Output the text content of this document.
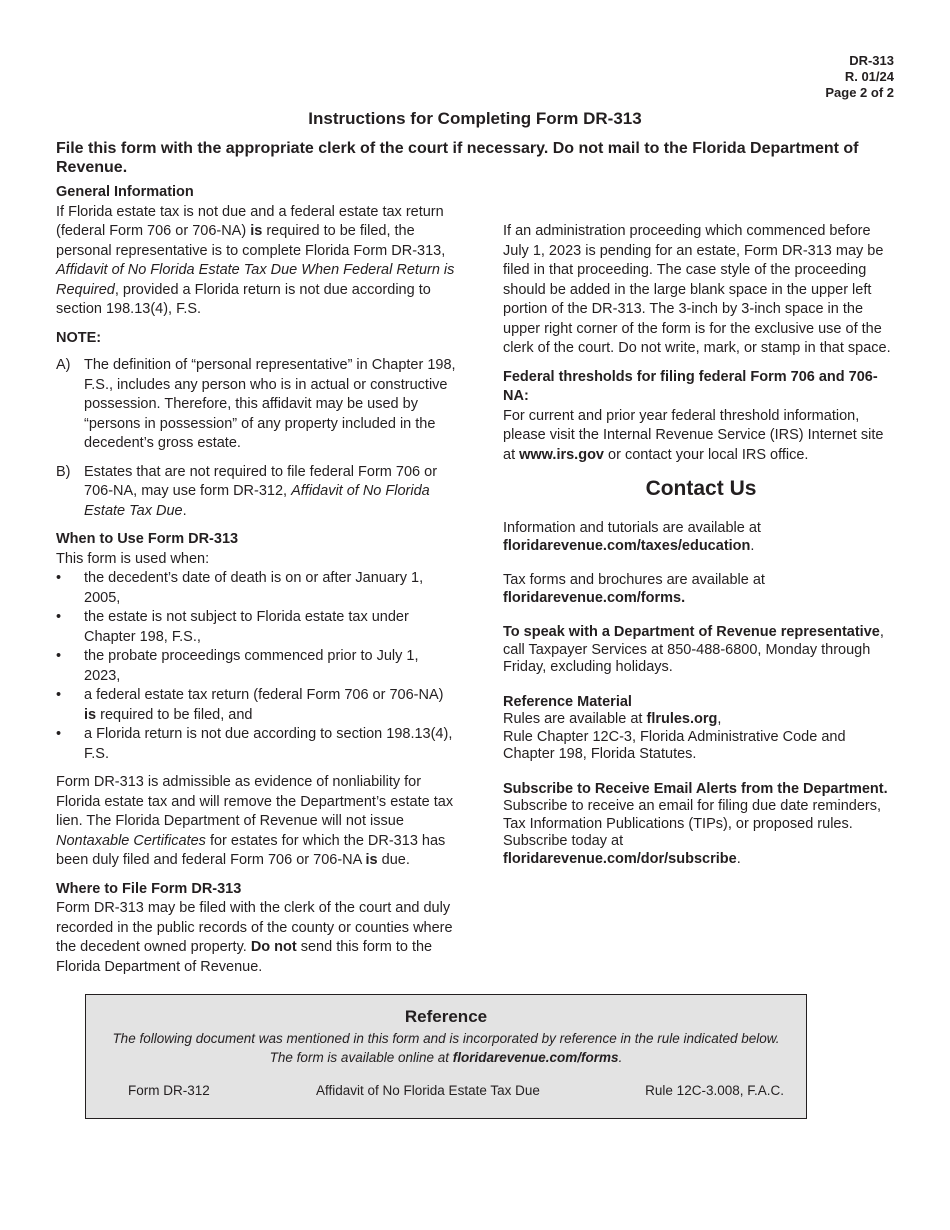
DR-313
R. 01/24
Page 2 of 2
Instructions for Completing Form DR-313
File this form with the appropriate clerk of the court if necessary. Do not mail to the Florida Department of Revenue.

General Information
If Florida estate tax is not due and a federal estate tax return (federal Form 706 or 706-NA) is required to be filed, the personal representative is to complete Florida Form DR-313, Affidavit of No Florida Estate Tax Due When Federal Return is Required, provided a Florida return is not due according to section 198.13(4), F.S.

NOTE:
A) The definition of “personal representative” in Chapter 198, F.S., includes any person who is in actual or constructive possession. Therefore, this affidavit may be used by “persons in possession” of any property included in the decedent’s gross estate.
B) Estates that are not required to file federal Form 706 or 706-NA, may use form DR-312, Affidavit of No Florida Estate Tax Due.
When to Use Form DR-313
This form is used when:
•	the decedent’s date of death is on or after January 1, 2005,
•	the estate is not subject to Florida estate tax under Chapter 198, F.S.,
•	the probate proceedings commenced prior to July 1, 2023,
•	a federal estate tax return (federal Form 706 or 706-NA) is required to be filed, and
•	a Florida return is not due according to section 198.13(4), F.S.

Form DR-313 is admissible as evidence of nonliability for Florida estate tax and will remove the Department’s estate tax lien. The Florida Department of Revenue will not issue Nontaxable Certificates for estates for which the DR-313 has been duly filed and federal Form 706 or 706-NA is due.

Where to File Form DR-313
Form DR-313 may be filed with the clerk of the court and duly recorded in the public records of the county or counties where the decedent owned property. Do not send this form to the Florida Department of Revenue.

If an administration proceeding which commenced before July 1, 2023 is pending for an estate, Form DR-313 may be filed in that proceeding. The case style of the proceeding should be added in the large blank space in the upper left portion of the DR-313. The 3-inch by 3-inch space in the upper right corner of the form is for the exclusive use of the clerk of the court. Do not write, mark, or stamp in that space.

Federal thresholds for filing federal Form 706 and 706-NA:
For current and prior year federal threshold information, please visit the Internal Revenue Service (IRS) Internet site at www.irs.gov or contact your local IRS office.

Contact Us
Information and tutorials are available at
floridarevenue.com/taxes/education.
Tax forms and brochures are available at
floridarevenue.com/forms.
To speak with a Department of Revenue representative, call Taxpayer Services at 850-488-6800, Monday through Friday, excluding holidays.
Reference Material
Rules are available at flrules.org,
Rule Chapter 12C-3, Florida Administrative Code and Chapter 198, Florida Statutes.
Subscribe to Receive Email Alerts from the Department.
Subscribe to receive an email for filing due date reminders, Tax Information Publications (TIPs), or proposed rules. Subscribe today at
floridarevenue.com/dor/subscribe.
Reference
The following document was mentioned in this form and is incorporated by reference in the rule indicated below.
The form is available online at floridarevenue.com/forms.
Form DR-312	Affidavit of No Florida Estate Tax Due	Rule 12C-3.008, F.A.C.
